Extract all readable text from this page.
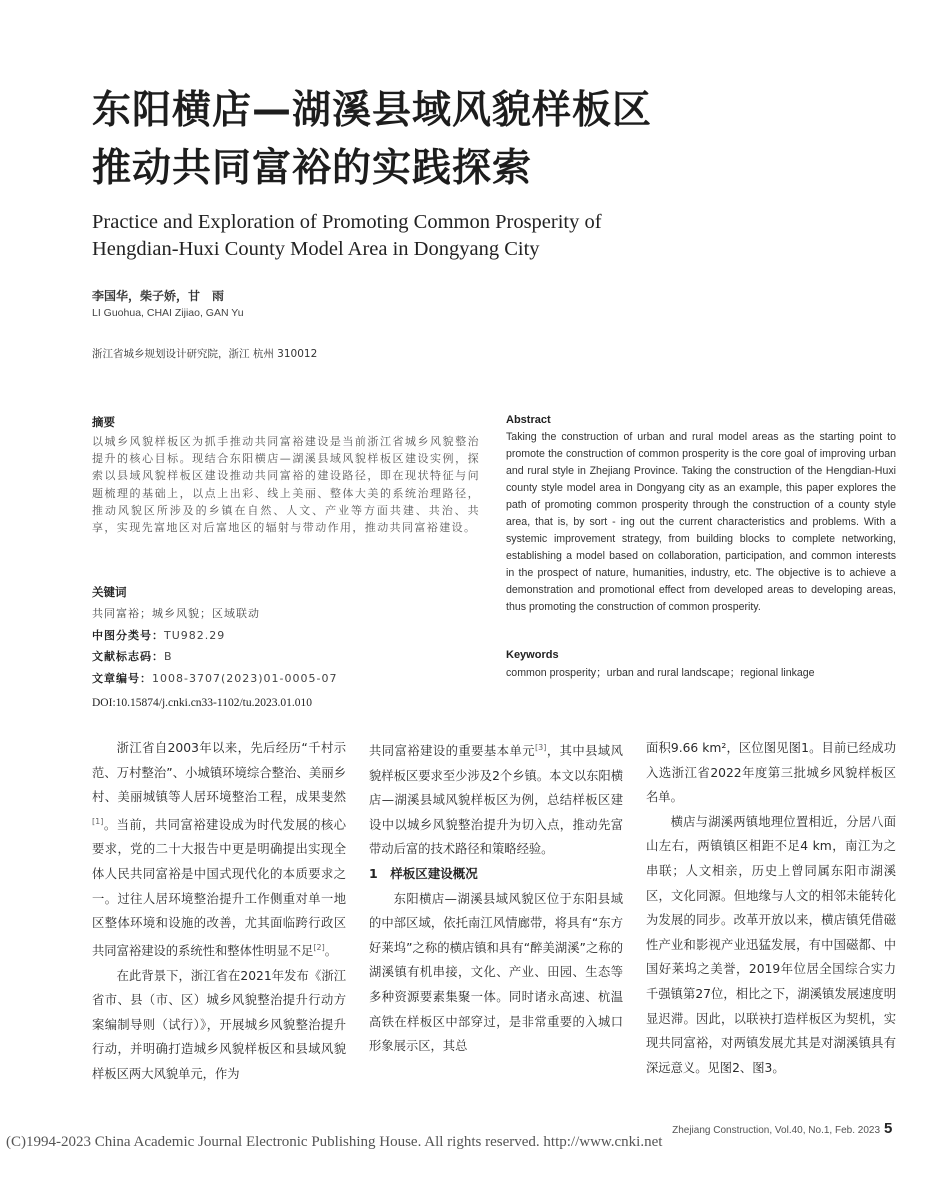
东阳横店—湖溪县域风貌样板区
推动共同富裕的实践探索
Practice and Exploration of Promoting Common Prosperity of
Hengdian-Huxi County Model Area in Dongyang City
李国华，柴子娇，甘　雨
LI Guohua, CHAI Zijiao, GAN Yu
浙江省城乡规划设计研究院，浙江 杭州 310012
摘要
以城乡风貌样板区为抓手推动共同富裕建设是当前浙江省城乡风貌整治提升的核心目标。现结合东阳横店—湖溪县域风貌样板区建设实例，探索以县域风貌样板区建设推动共同富裕的建设路径，即在现状特征与问题梳理的基础上，以点上出彩、线上美丽、整体大美的系统治理路径，推动风貌区所涉及的乡镇在自然、人文、产业等方面共建、共治、共享，实现先富地区对后富地区的辐射与带动作用，推动共同富裕建设。
关键词
共同富裕；城乡风貌；区域联动
中图分类号：TU982.29
文献标志码：B
文章编号：1008-3707(2023)01-0005-07
DOI:10.15874/j.cnki.cn33-1102/tu.2023.01.010
Abstract
Taking the construction of urban and rural model areas as the starting point to promote the construction of common prosperity is the core goal of improving urban and rural style in Zhejiang Province. Taking the construction of the Hengdian-Huxi county style model area in Dongyang city as an example, this paper explores the path of promoting common prosperity through the construction of a county style area, that is, by sort - ing out the current characteristics and problems. With a systemic improvement strategy, from building blocks to complete networking, establishing a model based on collaboration, participation, and common interests in the prospect of nature, humanities, industry, etc. The objective is to achieve a demonstration and promotional effect from developed areas to developing areas, thus promoting the construction of common prosperity.
Keywords
common prosperity；urban and rural landscape；regional linkage

浙江省自2003年以来，先后经历“千村示范、万村整治”、小城镇环境综合整治、美丽乡村、美丽城镇等人居环境整治工程，成果斐然[1]。当前，共同富裕建设成为时代发展的核心要求，党的二十大报告中更是明确提出实现全体人民共同富裕是中国式现代化的本质要求之一。过往人居环境整治提升工作侧重对单一地区整体环境和设施的改善，尤其面临跨行政区共同富裕建设的系统性和整体性明显不足[2]。

在此背景下，浙江省在2021年发布《浙江省市、县（市、区）城乡风貌整治提升行动方案编制导则（试行）》，开展城乡风貌整治提升行动，并明确打造城乡风貌样板区和县域风貌样板区两大风貌单元，作为

共同富裕建设的重要基本单元[3]，其中县域风貌样板区要求至少涉及2个乡镇。本文以东阳横店—湖溪县域风貌样板区为例，总结样板区建设中以城乡风貌整治提升为切入点，推动先富带动后富的技术路径和策略经验。

1　样板区建设概况

东阳横店—湖溪县域风貌区位于东阳县域的中部区域，依托南江风情廊带，将具有“东方好莱坞”之称的横店镇和具有“醉美湖溪”之称的湖溪镇有机串接，文化、产业、田园、生态等多种资源要素集聚一体。同时诸永高速、杭温高铁在样板区中部穿过，是非常重要的入城口形象展示区，其总

面积9.66 km²，区位图见图1。目前已经成功入选浙江省2022年度第三批城乡风貌样板区名单。

横店与湖溪两镇地理位置相近，分居八面山左右，两镇镇区相距不足4 km，南江为之串联；人文相亲，历史上曾同属东阳市湖溪区，文化同源。但地缘与人文的相邻未能转化为发展的同步。改革开放以来，横店镇凭借磁性产业和影视产业迅猛发展，有中国磁都、中国好莱坞之美誉，2019年位居全国综合实力千强镇第27位，相比之下，湖溪镇发展速度明显迟滞。因此，以联袂打造样板区为契机，实现共同富裕，对两镇发展尤其是对湖溪镇具有深远意义。见图2、图3。

Zhejiang Construction, Vol.40, No.1, Feb. 2023 5
(C)1994-2023 China Academic Journal Electronic Publishing House. All rights reserved. http://www.cnki.net
